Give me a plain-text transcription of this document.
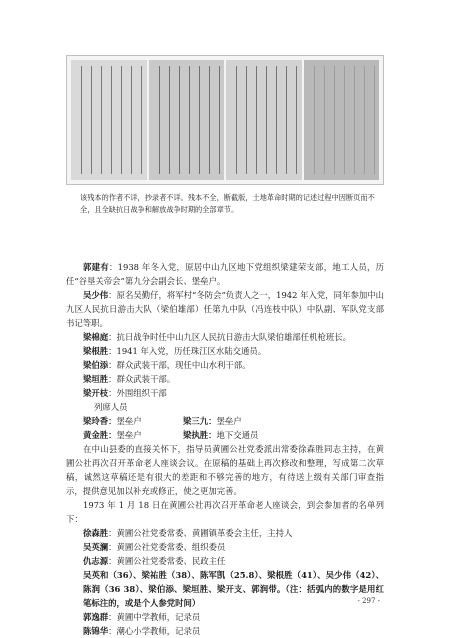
该残本的作者不详，抄录者不详。残本不全，断截版，土地革命时期的记述过程中因断页而不全，且全缺抗日战争和解放战争时期的全部章节。

郭建有：1938 年冬入党，原居中山九区地下党组织梁建荣支部，地工人员，历任“谷垦关帝会”第九分会副会长、堡垒户。

吴少伟：原名吴勤仔，将军村“冬防会”负责人之一，1942 年入党，同年参加中山九区人民抗日游击大队（梁伯雄部）任第九中队（冯连枝中队）中队副、军队党支部书记等职。

梁棉庭：抗日战争时任中山九区人民抗日游击大队梁伯雄部任机枪班长。

梁根胜：1941 年入党，历任珠江区水陆交通员。

梁伯添：群众武装干部，现任中山水利干部。

梁垣胜：群众武装干部。

梁开枝：外围组织干部

列席人员

梁玲香：堡垒户	梁三九：堡垒户
黄金胜：堡垒户	梁执胜：地下交通员

在中山县委的直接关怀下，指导员黄圃公社党委派出常委徐森胜同志主持，在黄圃公社再次召开革命老人座谈会议。在原稿的基础上再次修改和整理，写成第二次草稿，诚然这草稿还是有很大的差距和不够完善的地方，有待送上级有关部门审查指示，提供意见加以补充或修正，使之更加完善。

1973 年 1 月 18 日在黄圃公社再次召开革命老人座谈会，到会参加者的名单列下：

徐森胜：黄圃公社党委常委、黄圃镇革委会主任，主持人

吴英澜：黄圃公社党委常委、组织委员

仇志源：黄圃公社党委常委、民政主任

吴英和（36）、梁祐胜（38）、陈军凯（25.8）、梁根胜（41）、吴少伟（42）、陈润（36 38）、梁伯添、梁垣胜、梁开支、郭润带。（注：括弧内的数字是用红笔标注的，或是个人参党时间）

郭逸群：黄圃中学教师，记录员

陈锦华：潮心小学教师，记录员

- 297 -
